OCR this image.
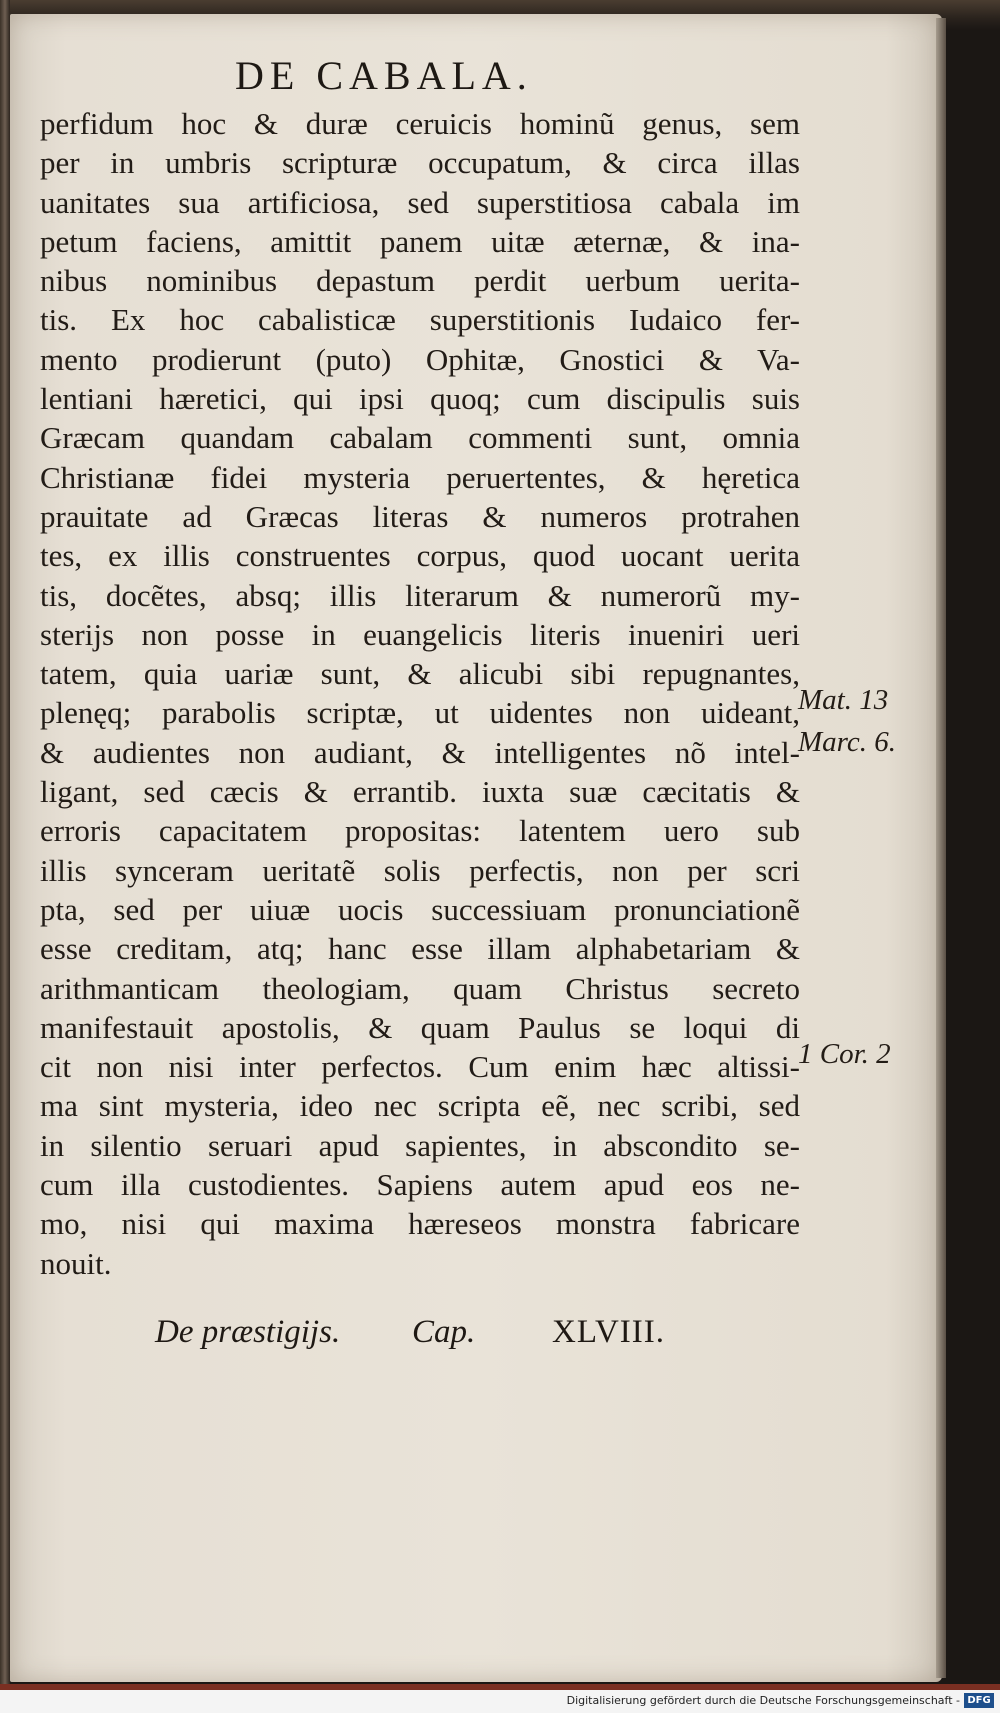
DE CABALA.
perfidum hoc & duræ ceruicis hominũ genus, sem
per in umbris scripturæ occupatum, & circa illas
uanitates sua artificiosa, sed superstitiosa cabala im
petum faciens, amittit panem uitæ æternæ, & ina-
nibus nominibus depastum perdit uerbum ueritа-
tis. Ex hoc cabalisticæ superstitionis Iudaico fer-
mento prodierunt (puto) Ophitæ, Gnostici & Va-
lentiani hæretici, qui ipsi quoq; cum discipulis suis
Græcam quandam cabalam commenti sunt, omnia
Christianæ fidei mysteria peruertentes, & hęretica
prauitate ad Græcas literas & numeros protrahen
tes, ex illis construentes corpus, quod uocant uerita
tis, docẽtes, absq; illis literarum & numerorũ my-
sterijs non posse in euangelicis literis inueniri ueri
tatem, quia uariæ sunt, & alicubi sibi repugnantes,
plenęq; parabolis scriptæ, ut uidentes non uideant,
& audientes non audiant, & intelligentes nõ intel-
ligant, sed cæcis & errantib. iuxta suæ cæcitatis &
erroris capacitatem propositas: latentem uero sub
illis synceram ueritatẽ solis perfectis, non per scri
pta, sed per uiuæ uocis successiuam pronunciationẽ
esse creditam, atq; hanc esse illam alphabetariam &
arithmanticam theologiam, quam Christus secreto
manifestauit apostolis, & quam Paulus se loqui di
cit non nisi inter perfectos. Cum enim hæc altissi-
ma sint mysteria, ideo nec scripta eẽ, nec scribi, sed
in silentio seruari apud sapientes, in abscondito se-
cum illa custodientes. Sapiens autem apud eos ne-
mo, nisi qui maxima hæreseos monstra fabricare
nouit.
De præstigijs. Cap. XLVIII.
Mat. 13
Marc. 6.
1 Cor. 2
Digitalisierung gefördert durch die Deutsche Forschungsgemeinschaft - DFG
